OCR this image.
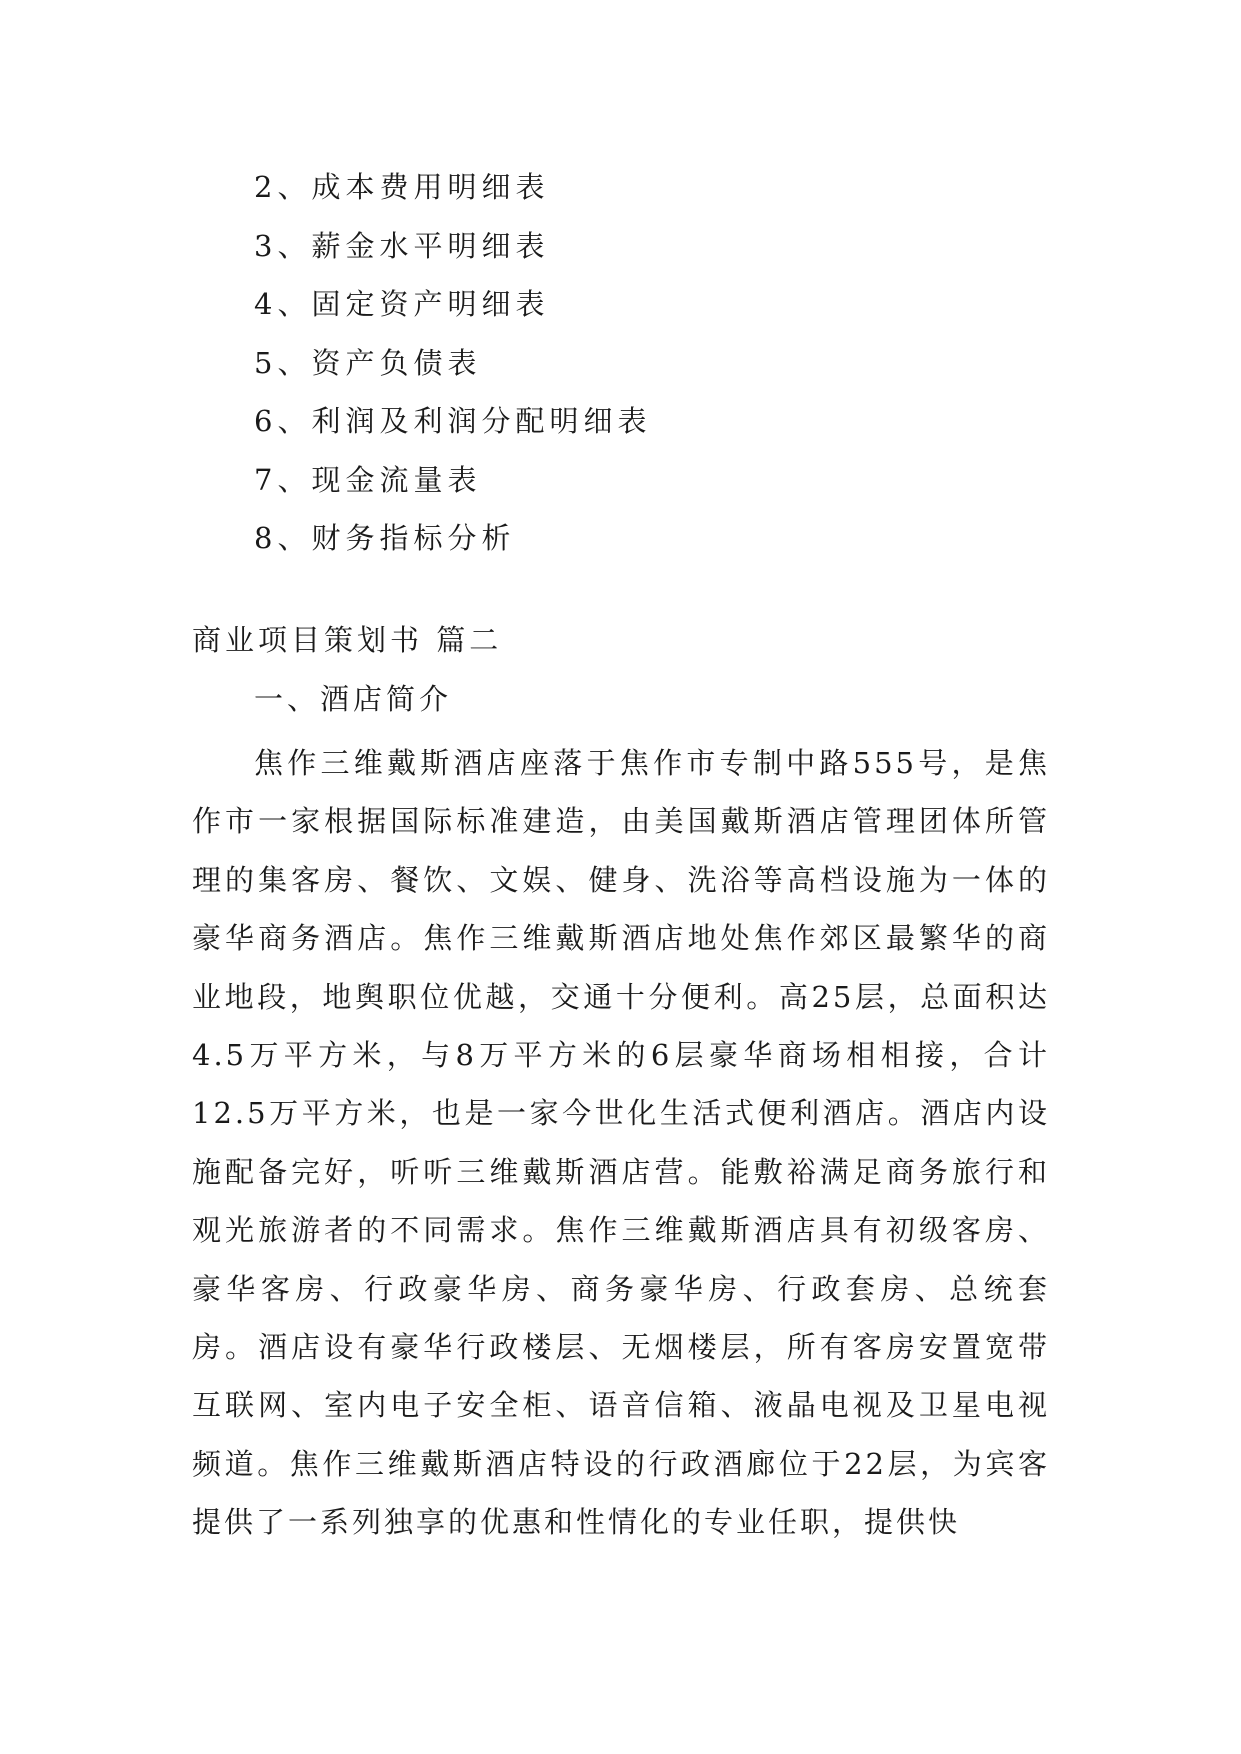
2、成本费用明细表
3、薪金水平明细表
4、固定资产明细表
5、资产负债表
6、利润及利润分配明细表
7、现金流量表
8、财务指标分析
商业项目策划书 篇二
一、酒店简介

焦作三维戴斯酒店座落于焦作市专制中路555号，是焦作市一家根据国际标准建造，由美国戴斯酒店管理团体所管理的集客房、餐饮、文娱、健身、洗浴等高档设施为一体的豪华商务酒店。焦作三维戴斯酒店地处焦作郊区最繁华的商业地段，地舆职位优越，交通十分便利。高25层，总面积达4.5万平方米，与8万平方米的6层豪华商场相相接，合计12.5万平方米，也是一家今世化生活式便利酒店。酒店内设施配备完好，听听三维戴斯酒店营。能敷裕满足商务旅行和观光旅游者的不同需求。焦作三维戴斯酒店具有初级客房、豪华客房、行政豪华房、商务豪华房、行政套房、总统套房。酒店设有豪华行政楼层、无烟楼层，所有客房安置宽带互联网、室内电子安全柜、语音信箱、液晶电视及卫星电视频道。焦作三维戴斯酒店特设的行政酒廊位于22层，为宾客提供了一系列独享的优惠和性情化的专业任职，提供快
